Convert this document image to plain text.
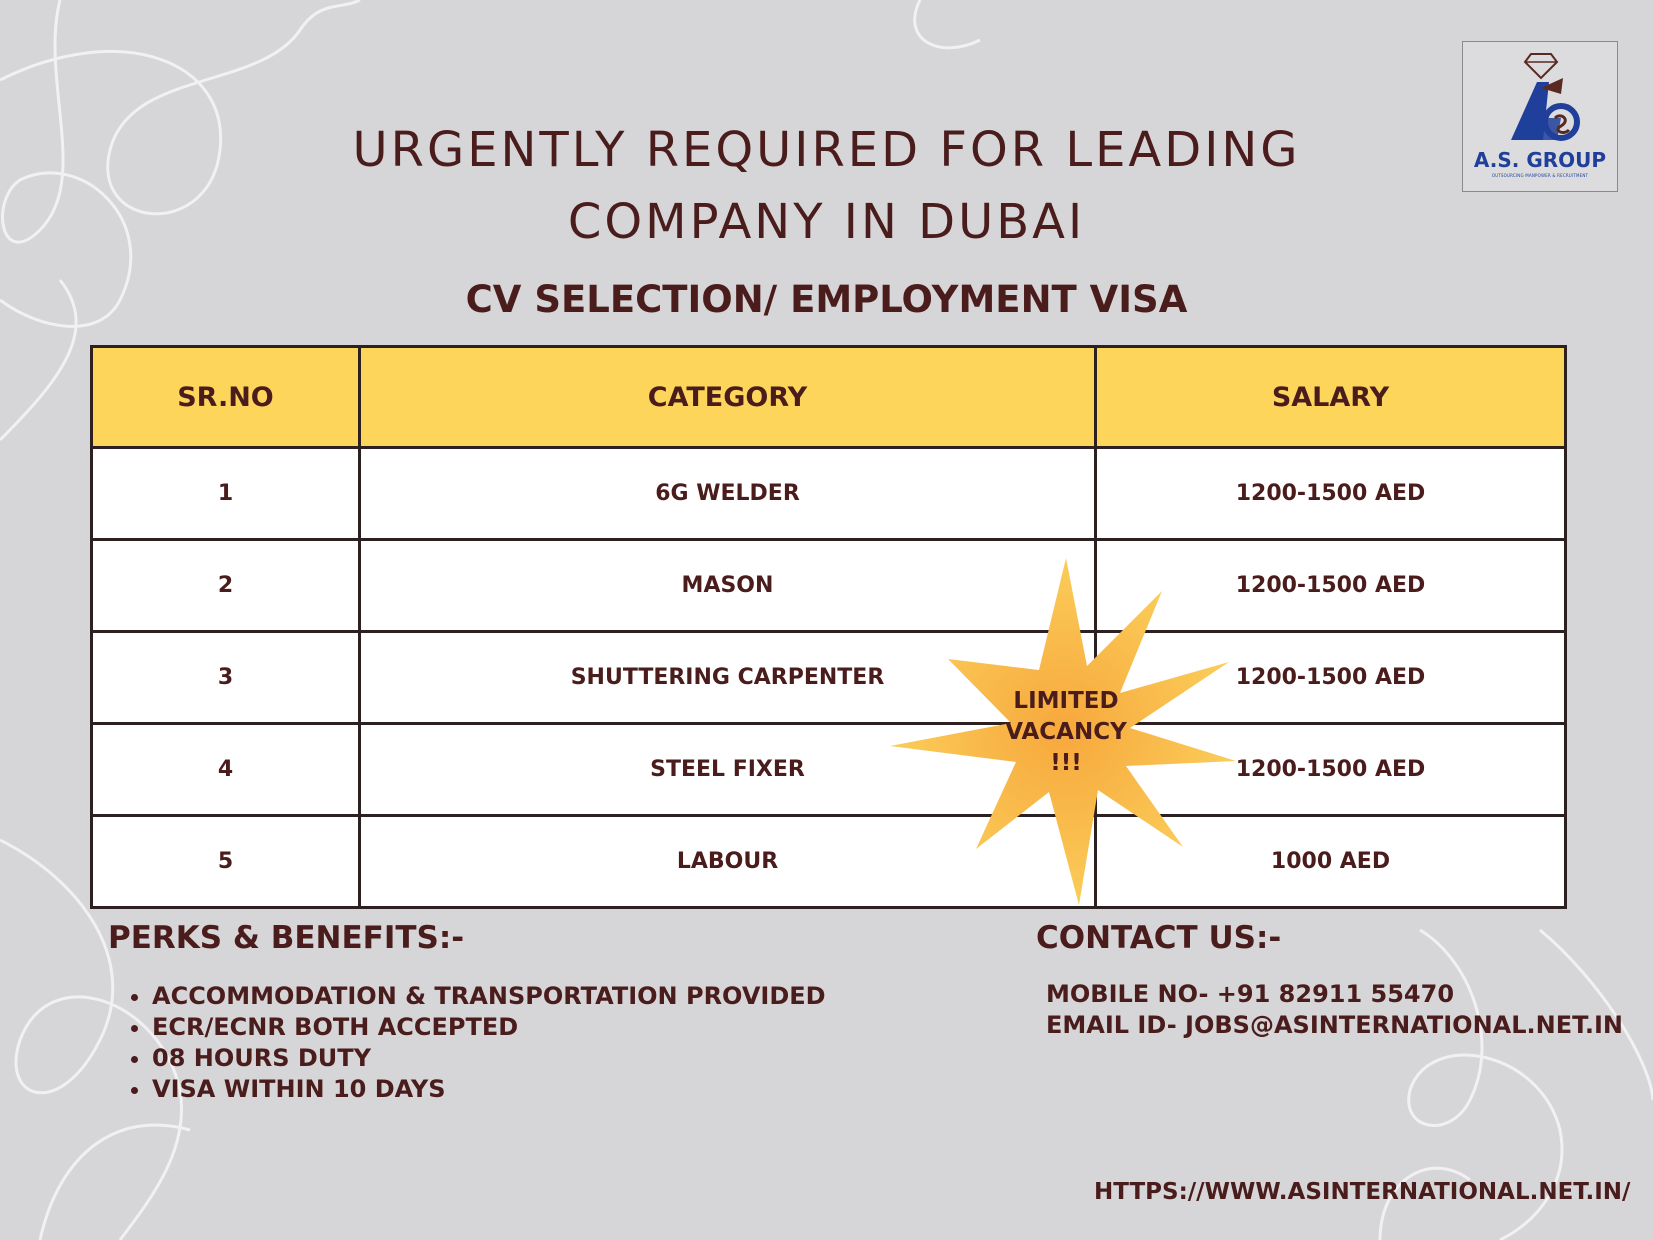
A.S. GROUP
OUTSOURCING MANPOWER & RECRUITMENT
URGENTLY REQUIRED FOR LEADING
COMPANY IN DUBAI
CV SELECTION/ EMPLOYMENT VISA
SR.NO	CATEGORY	SALARY
1	6G WELDER	1200-1500 AED
2	MASON	1200-1500 AED
3	SHUTTERING CARPENTER	1200-1500 AED
4	STEEL FIXER	1200-1500 AED
5	LABOUR	1000 AED
LIMITED
VACANCY
!!!
PERKS & BENEFITS:-
• ACCOMMODATION & TRANSPORTATION PROVIDED
• ECR/ECNR BOTH ACCEPTED
• 08 HOURS DUTY
• VISA WITHIN 10 DAYS
CONTACT US:-
MOBILE NO- +91 82911 55470
EMAIL ID- JOBS@ASINTERNATIONAL.NET.IN
HTTPS://WWW.ASINTERNATIONAL.NET.IN/
